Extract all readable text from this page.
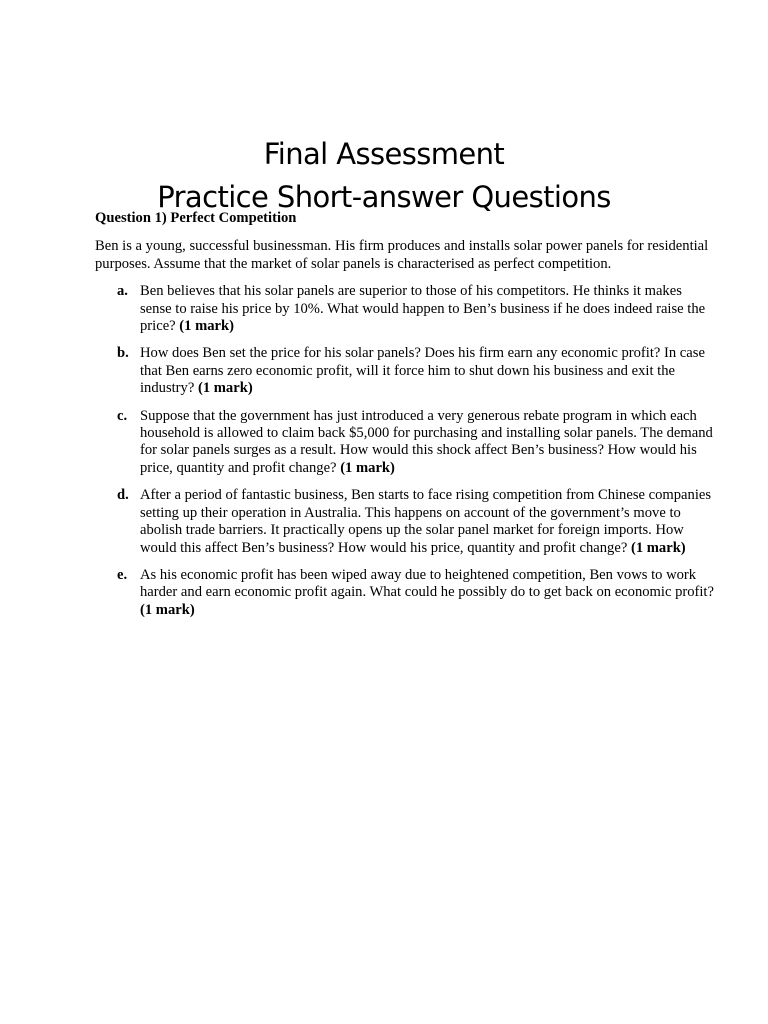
Final Assessment
Practice Short-answer Questions
Question 1) Perfect Competition
Ben is a young, successful businessman. His firm produces and installs solar power panels for residential purposes. Assume that the market of solar panels is characterised as perfect competition.
a. Ben believes that his solar panels are superior to those of his competitors. He thinks it makes sense to raise his price by 10%. What would happen to Ben’s business if he does indeed raise the price? (1 mark)
b. How does Ben set the price for his solar panels? Does his firm earn any economic profit? In case that Ben earns zero economic profit, will it force him to shut down his business and exit the industry? (1 mark)
c. Suppose that the government has just introduced a very generous rebate program in which each household is allowed to claim back $5,000 for purchasing and installing solar panels. The demand for solar panels surges as a result. How would this shock affect Ben’s business? How would his price, quantity and profit change? (1 mark)
d. After a period of fantastic business, Ben starts to face rising competition from Chinese companies setting up their operation in Australia. This happens on account of the government’s move to abolish trade barriers. It practically opens up the solar panel market for foreign imports. How would this affect Ben’s business? How would his price, quantity and profit change? (1 mark)
e. As his economic profit has been wiped away due to heightened competition, Ben vows to work harder and earn economic profit again. What could he possibly do to get back on economic profit? (1 mark)
